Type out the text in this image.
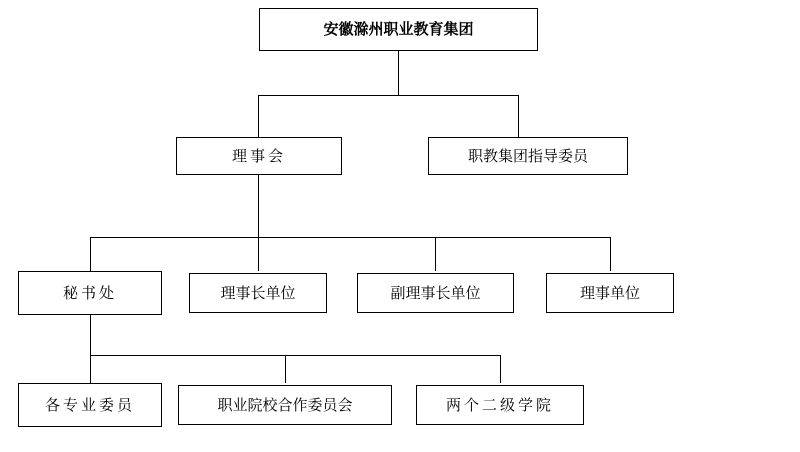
安徽滁州职业教育集团
理事会	职教集团指导委员
秘书处	理事长单位	副理事长单位	理事单位
各专业委员	职业院校合作委员会	两个二级学院
